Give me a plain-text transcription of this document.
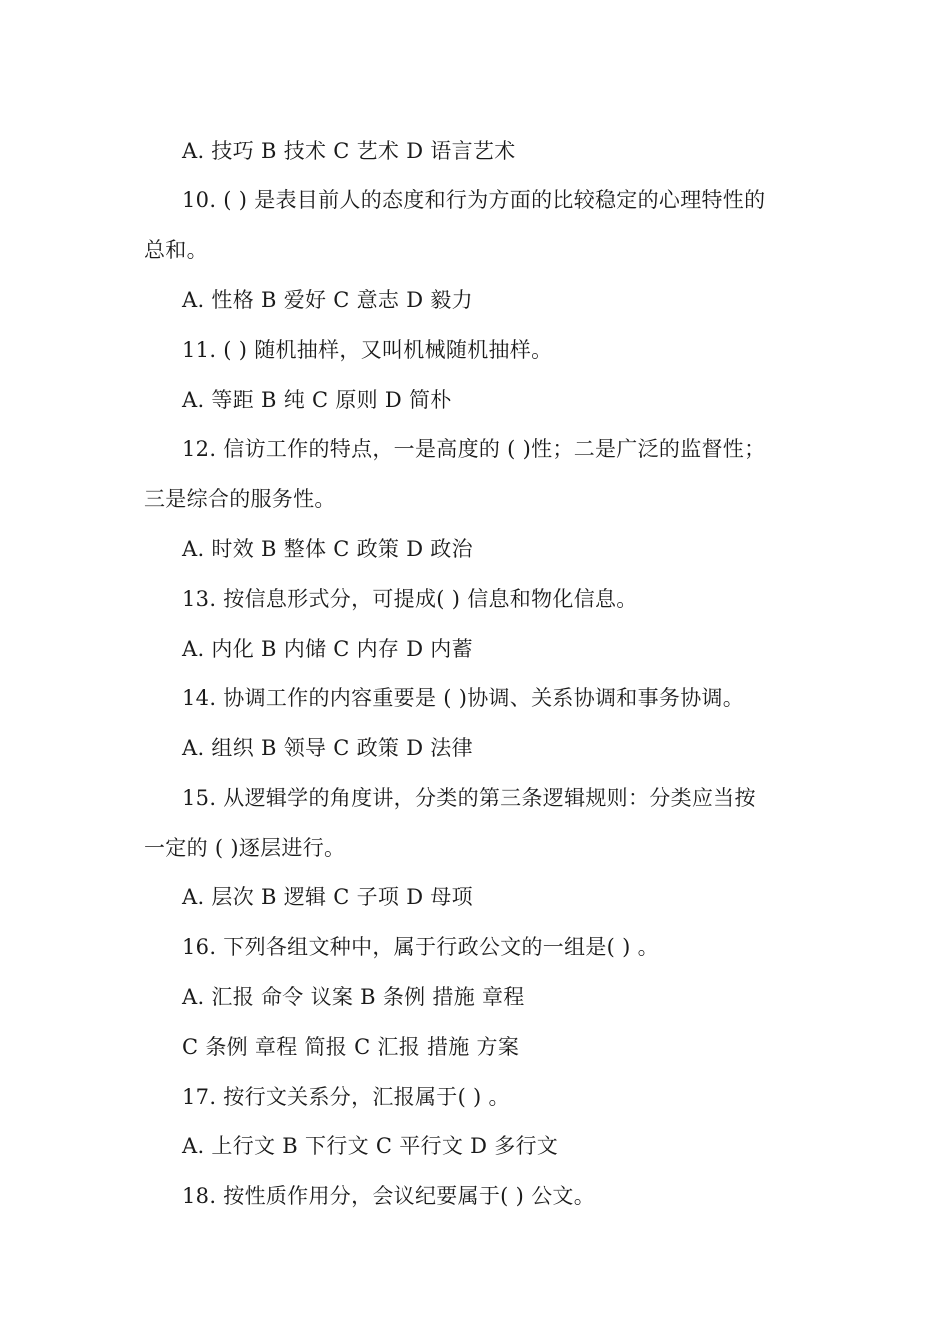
A. 技巧 B 技术 C 艺术 D 语言艺术

10. ( ) 是表目前人的态度和行为方面的比较稳定的心理特性的

总和。

A. 性格 B 爱好 C 意志 D 毅力

11. ( ) 随机抽样，又叫机械随机抽样。

A. 等距 B 纯 C 原则 D 简朴

12. 信访工作的特点，一是高度的 ( )性；二是广泛的监督性；

三是综合的服务性。

A. 时效 B 整体 C 政策 D 政治

13. 按信息形式分，可提成( ) 信息和物化信息。

A. 内化 B 内储 C 内存 D 内蓄

14. 协调工作的内容重要是 ( )协调、关系协调和事务协调。

A. 组织 B 领导 C 政策 D 法律

15. 从逻辑学的角度讲，分类的第三条逻辑规则：分类应当按

一定的 ( )逐层进行。

A. 层次 B 逻辑 C 子项 D 母项

16. 下列各组文种中，属于行政公文的一组是( ) 。

A. 汇报 命令 议案 B 条例 措施 章程

C 条例 章程 简报 C 汇报 措施 方案

17. 按行文关系分，汇报属于( ) 。

A. 上行文 B 下行文 C 平行文 D 多行文

18. 按性质作用分，会议纪要属于( ) 公文。
